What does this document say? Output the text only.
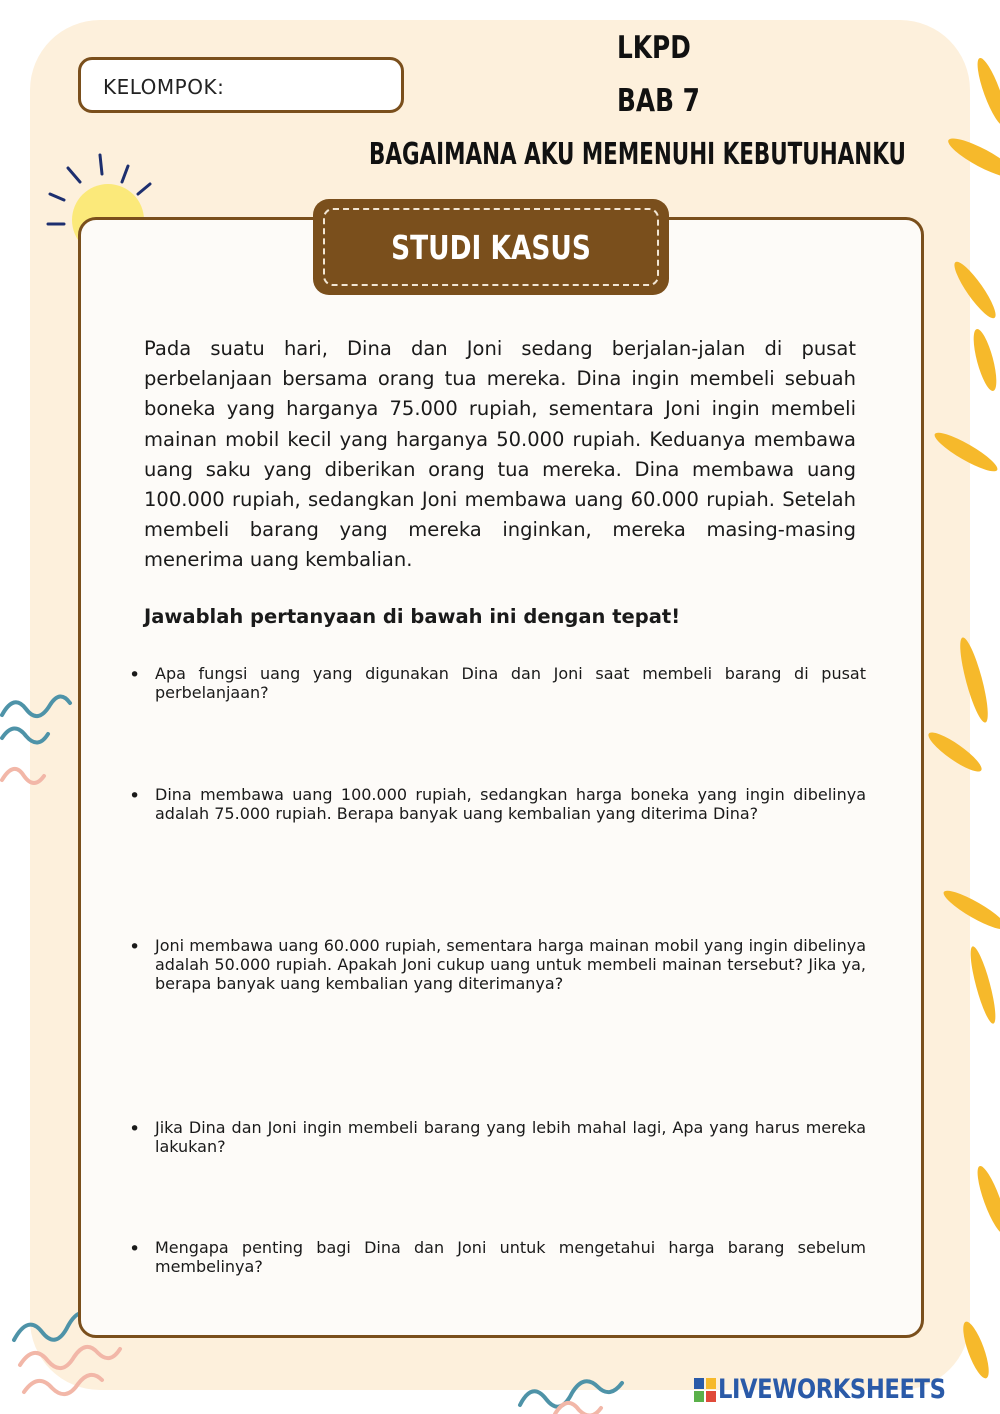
KELOMPOK:
LKPD
BAB 7
BAGAIMANA AKU MEMENUHI KEBUTUHANKU
STUDI KASUS

Pada suatu hari, Dina dan Joni sedang berjalan-jalan di pusat perbelanjaan bersama orang tua mereka. Dina ingin membeli sebuah boneka yang harganya 75.000 rupiah, sementara Joni ingin membeli mainan mobil kecil yang harganya 50.000 rupiah. Keduanya membawa uang saku yang diberikan orang tua mereka. Dina membawa uang 100.000 rupiah, sedangkan Joni membawa uang 60.000 rupiah. Setelah membeli barang yang mereka inginkan, mereka masing-masing menerima uang kembalian.

Jawablah pertanyaan di bawah ini dengan tepat!

• Apa fungsi uang yang digunakan Dina dan Joni saat membeli barang di pusat perbelanjaan?
• Dina membawa uang 100.000 rupiah, sedangkan harga boneka yang ingin dibelinya adalah 75.000 rupiah. Berapa banyak uang kembalian yang diterima Dina?
• Joni membawa uang 60.000 rupiah, sementara harga mainan mobil yang ingin dibelinya adalah 50.000 rupiah. Apakah Joni cukup uang untuk membeli mainan tersebut? Jika ya, berapa banyak uang kembalian yang diterimanya?
• Jika Dina dan Joni ingin membeli barang yang lebih mahal lagi, Apa yang harus mereka lakukan?
• Mengapa penting bagi Dina dan Joni untuk mengetahui harga barang sebelum membelinya?
LIVEWORKSHEETS
